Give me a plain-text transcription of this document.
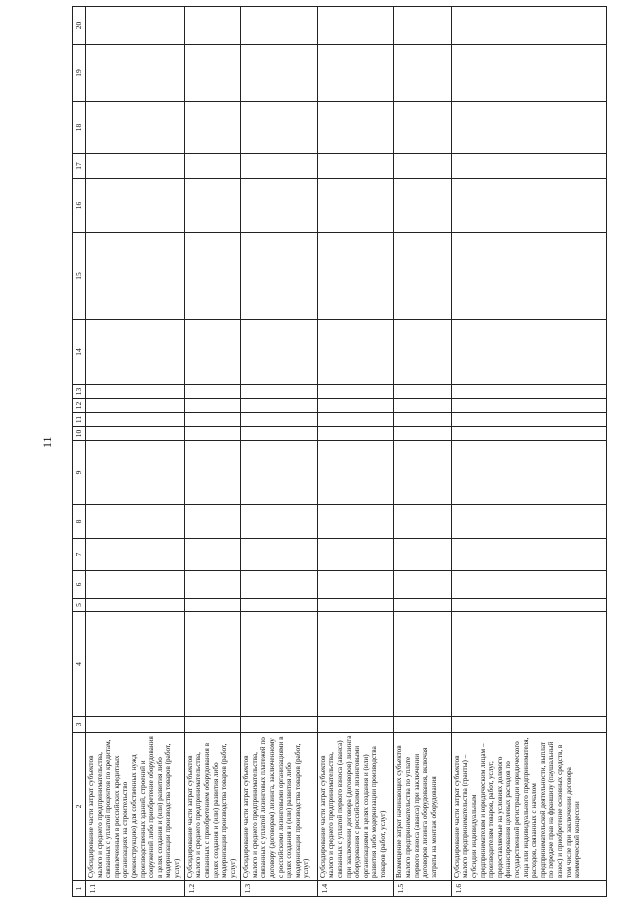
11
1	2	3	4	5	6	7	8	9	10	11	12	13	14	15	16	17	18	19	20
1.1	Субсидирование части затрат субъектов малого и среднего предпринимательства, связанных с уплатой процентов по кредитам, привлеченным в российских кредитных организациях на строительство (реконструкцию) для собственных нужд производственных зданий, строений и сооружений либо приобретение оборудования в целях создания и (или) развития либо модернизации производства товаров (работ, услуг)																		
1.2	Субсидирование части затрат субъектов малого и среднего предпринимательства, связанных с приобретением оборудования в целях создания и (или) развития либо модернизации производства товаров (работ, услуг)																		
1.3	Субсидирование части затрат субъектов малого и среднего предпринимательства, связанных с уплатой лизинговых платежей по договору (договорам) лизинга, заключенному с российскими лизинговыми организациями в целях создания и (или) развития либо модернизации производства товаров (работ, услуг)																		
1.4	Субсидирование части затрат субъектов малого и среднего предпринимательства, связанных с уплатой первого взноса (аванса) при заключении договора (договоров) лизинга оборудования с российскими лизинговыми организациями в целях создания и (или) развития либо модернизации производства товаров (работ, услуг)																		
1.5	Возмещение затрат начинающих субъектов малого предпринимательства по уплате первого взноса (аванса) при заключении договоров лизинга оборудования, включая затраты на монтаж оборудования																		
1.6	Субсидирование части затрат субъектов малого предпринимательства (гранты) – субсидии индивидуальным предпринимателям и юридическим лицам – производителям товаров, работ, услуг, предоставляемые на условиях долевого финансирования целевых расходов по государственной регистрации юридического лица или индивидуального предпринимателя, расходов, связанных с началом предпринимательской деятельности, выплат по передаче прав на франшизу (паушальный взнос) и приобретение основных средств, в том числе при заключении договора коммерческой концессии																		
